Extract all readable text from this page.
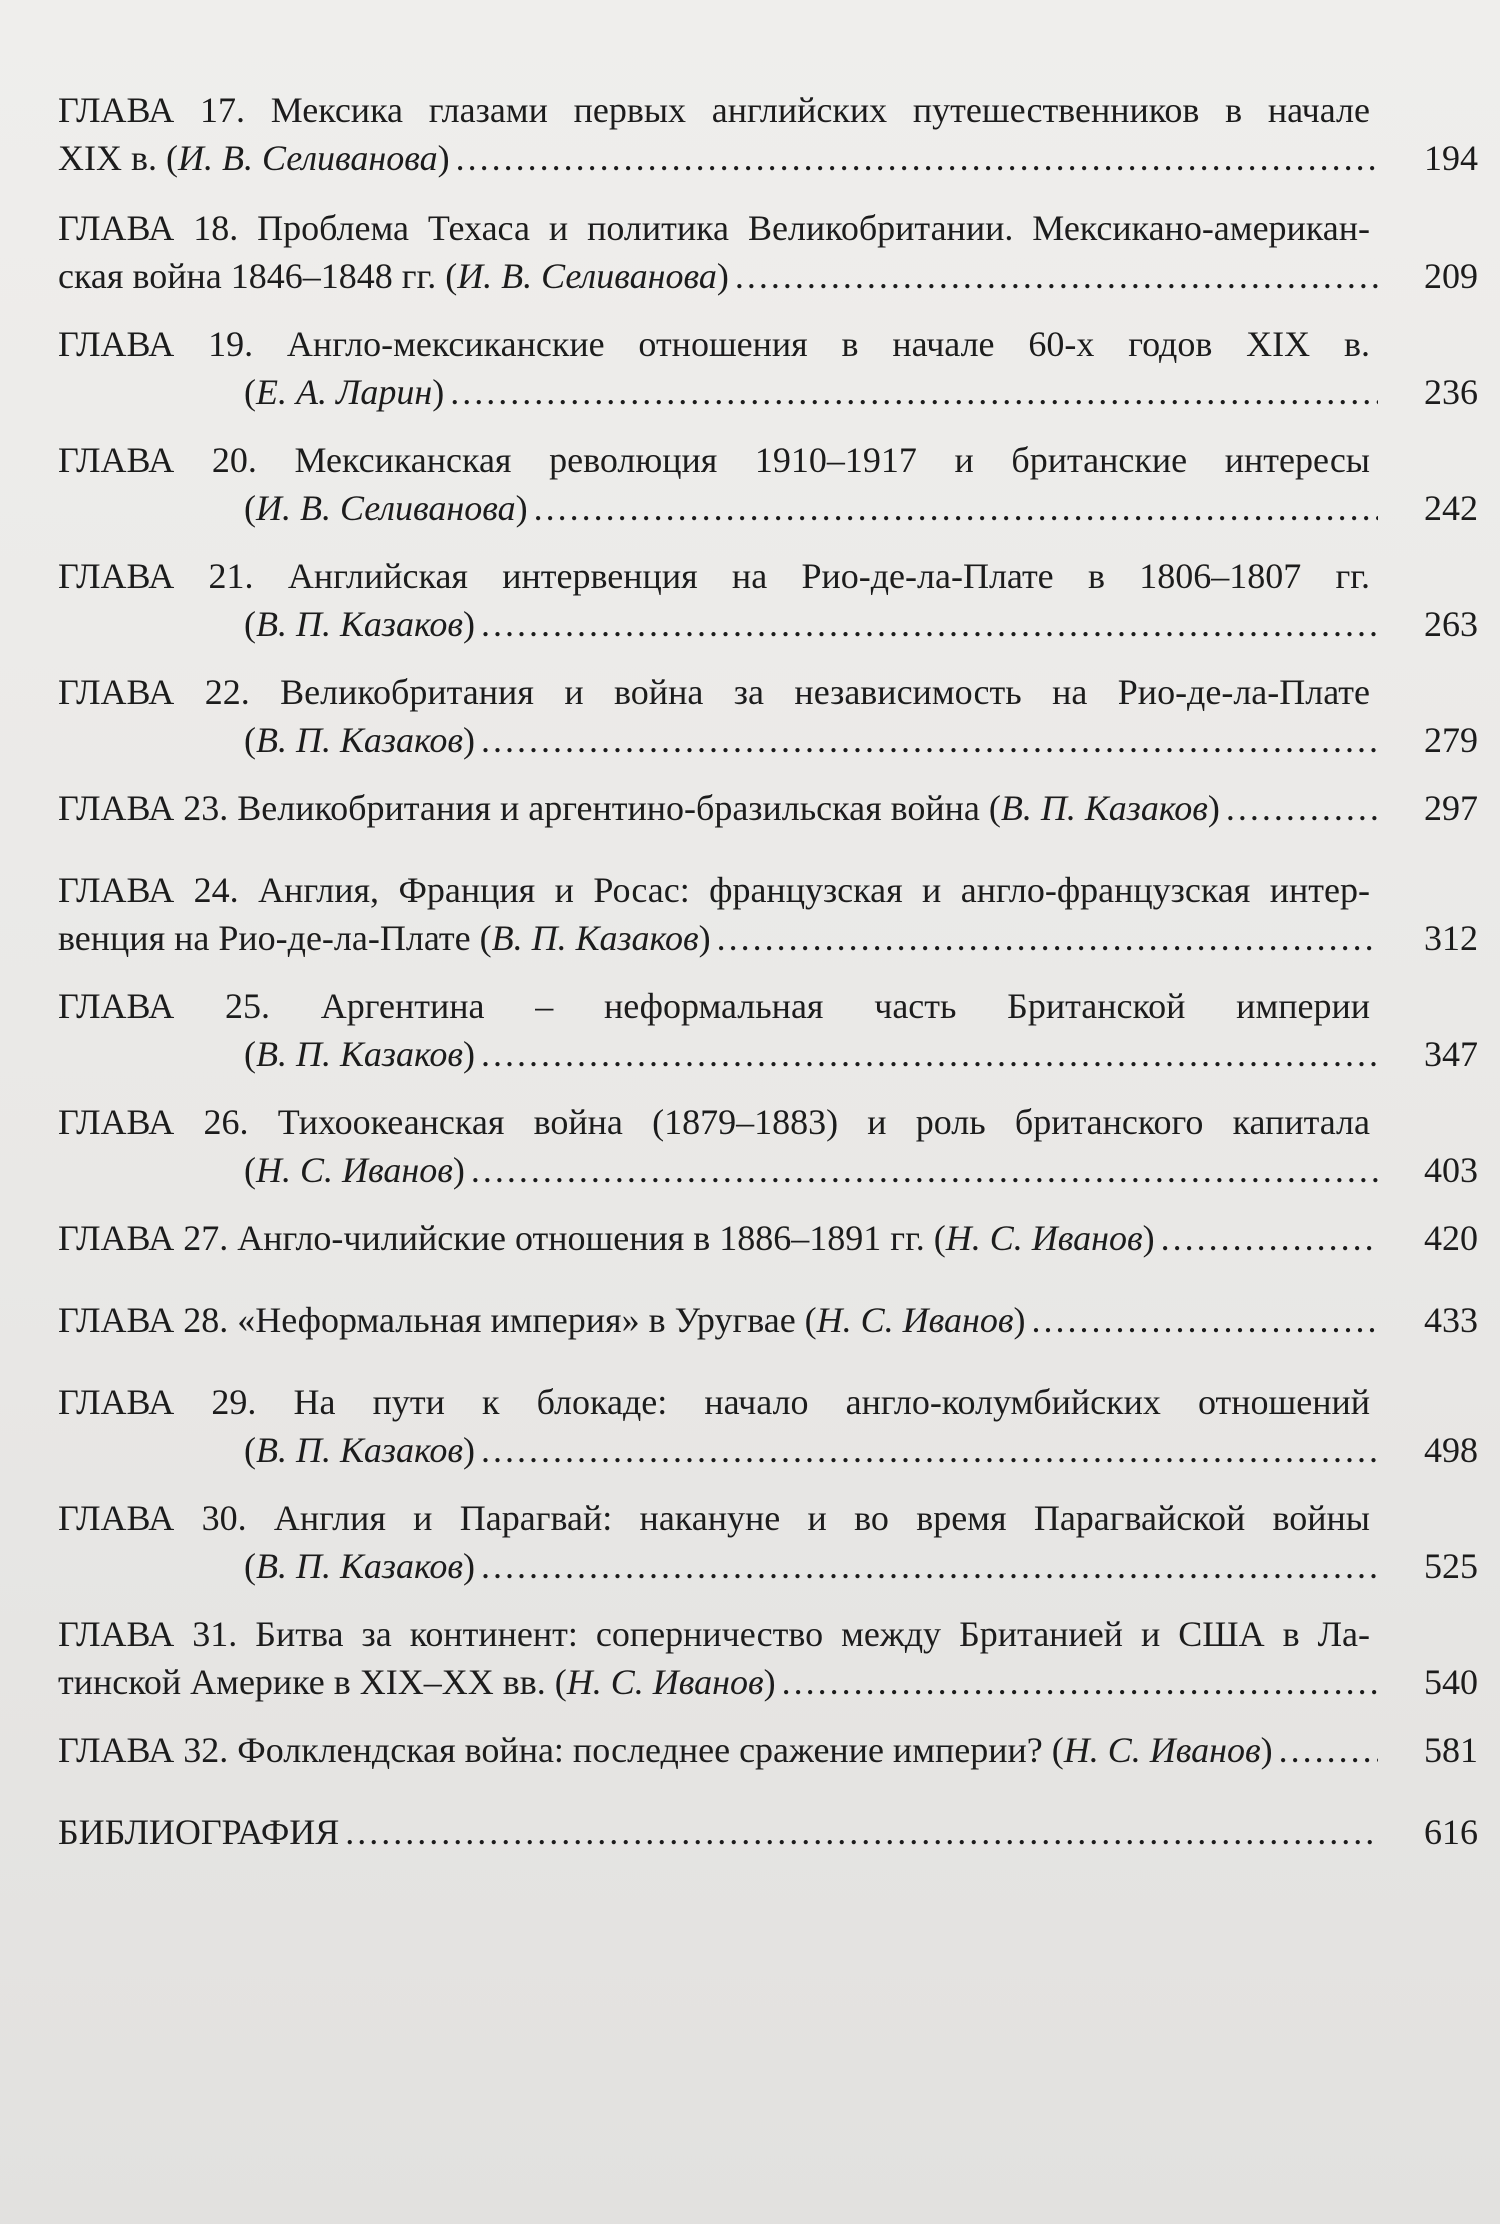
ГЛАВА 17. Мексика глазами первых английских путешественников в начале
XIX в. ( И. В. Селиванова ) . . .	194
ГЛАВА 18. Проблема Техаса и политика Великобритании. Мексикано-американ-
ская война 1846–1848 гг. ( И. В. Селиванова ) . . .	209
ГЛАВА 19. Англо-мексиканские отношения в начале 60-х годов XIX в.
( Е. А. Ларин ) . . .	236
ГЛАВА 20. Мексиканская революция 1910–1917 и британские интересы
( И. В. Селиванова ) . . .	242
ГЛАВА 21. Английская интервенция на Рио-де-ла-Плате в 1806–1807 гг.
( В. П. Казаков ) . . .	263
ГЛАВА 22. Великобритания и война за независимость на Рио-де-ла-Плате
( В. П. Казаков ) . . .	279
ГЛАВА 23. Великобритания и аргентино-бразильская война ( В. П. Казаков ) . . .	297
ГЛАВА 24. Англия, Франция и Росас: французская и англо-французская интер-
венция на Рио-де-ла-Плате ( В. П. Казаков ) . . .	312
ГЛАВА 25. Аргентина – неформальная часть Британской империи
( В. П. Казаков ) . . .	347
ГЛАВА 26. Тихоокеанская война (1879–1883) и роль британского капитала
( Н. С. Иванов ) . . .	403
ГЛАВА 27. Англо-чилийские отношения в 1886–1891 гг. ( Н. С. Иванов ) . . .	420
ГЛАВА 28. «Неформальная империя» в Уругвае ( Н. С. Иванов ) . . .	433
ГЛАВА 29. На пути к блокаде: начало англо-колумбийских отношений
( В. П. Казаков ) . . .	498
ГЛАВА 30. Англия и Парагвай: накануне и во время Парагвайской войны
( В. П. Казаков ) . . .	525
ГЛАВА 31. Битва за континент: соперничество между Британией и США в Ла-
тинской Америке в XIX–XX вв. ( Н. С. Иванов ) . . .	540
ГЛАВА 32. Фолклендская война: последнее сражение империи? ( Н. С. Иванов ) . . .	581
БИБЛИОГРАФИЯ . . .	616
